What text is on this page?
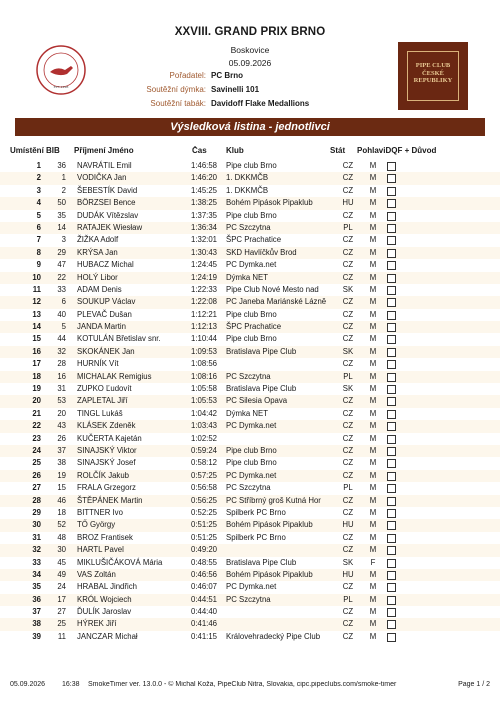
EST. 1998
PIPE CLUB
ČESKÉ
REPUBLIKY
XXVIII. GRAND PRIX BRNO
Boskovice
05.09.2026
Pořadatel: PC Brno
Soutěžní dýmka: Savinelli 101
Soutěžní tabák: Davidoff Flake Medallions
Výsledková listina - jednotlivci
Umístění BIB	Příjmení Jméno	Čas	Klub	Stát	PohlaviDQF + Důvod
1	36 NAVRÁTIL Emil	1:46:58 Pipe club Brno	CZ	M
2	1 VODIČKA Jan	1:46:20 1. DKKMČB	CZ	M
3	2 ŠEBESTÍK David	1:45:25 1. DKKMČB	CZ	M
4	50 BÖRZSEI Bence	1:38:25 Bohém Pipások Pipaklub	HU	M
5	35 DUDÁK Vítězslav	1:37:35 Pipe club Brno	CZ	M
6	14 RATAJEK Wiesław	1:36:34 PC Szczytna	PL	M
7	3 ŽIŽKA Adolf	1:32:01 ŠPC Prachatice	CZ	M
8	29 KRÝSA Jan	1:30:43 SKD Havlíčkův Brod	CZ	M
9	47 HUBACZ Michal	1:24:45 PC Dymka.net	CZ	M
10	22 HOLÝ Libor	1:24:19 Dýmka NET	CZ	M
11	33 ADAM Denis	1:22:33 Pipe Club Nové Mesto nad	SK	M
12	6 SOUKUP Václav	1:22:08 PC Janeba Mariánské Lázně	CZ	M
13	40 PLEVAČ Dušan	1:12:21 Pipe club Brno	CZ	M
14	5 JANDA Martin	1:12:13 ŠPC Prachatice	CZ	M
15	44 KOTULÁN Břetislav snr.	1:10:44 Pipe club Brno	CZ	M
16	32 SKOKÁNEK Jan	1:09:53 Bratislava Pipe Club	SK	M
17	28 HURNÍK Vít	1:08:56	CZ	M
18	16 MICHALAK Remigius	1:08:16 PC Szczytna	PL	M
19	31 ZUPKO Ľudovít	1:05:58 Bratislava Pipe Club	SK	M
20	53 ZAPLETAL Jiří	1:05:53 PC Silesia Opava	CZ	M
21	20 TINGL Lukáš	1:04:42 Dýmka NET	CZ	M
22	43 KLÁSEK Zdeněk	1:03:43 PC Dymka.net	CZ	M
23	26 KUČERTA Kajetán	1:02:52	CZ	M
24	37 SINAJSKÝ Viktor	0:59:24 Pipe club Brno	CZ	M
25	38 SINAJSKÝ Josef	0:58:12 Pipe club Brno	CZ	M
26	19 ROLČÍK Jakub	0:57:25 PC Dymka.net	CZ	M
27	15 FRALA Grzegorz	0:56:58 PC Szczytna	PL	M
28	46 ŠTĚPÁNEK Martin	0:56:25 PC Stříbrný groš Kutná Hor	CZ	M
29	18 BITTNER Ivo	0:52:25 Spilberk PC Brno	CZ	M
30	52 TŐ György	0:51:25 Bohém Pipások Pipaklub	HU	M
31	48 BROZ Frantisek	0:51:25 Spilberk PC Brno	CZ	M
32	30 HARTL Pavel	0:49:20	CZ	M
33	45 MIKLUŠIČÁKOVÁ Mária	0:48:55 Bratislava Pipe Club	SK	F
34	49 VAS Zoltán	0:46:56 Bohém Pipások Pipaklub	HU	M
35	24 HRABAL Jindřich	0:46:07 PC Dymka.net	CZ	M
36	17 KRÓL Wojciech	0:44:51 PC Szczytna	PL	M
37	27 ĎULÍK Jaroslav	0:44:40	CZ	M
38	25 HÝREK Jiří	0:41:46	CZ	M
39	11 JANCZAR Michał	0:41:15 Královehradecký Pipe Club	CZ	M
05.09.2026 16:38 SmokeTimer ver. 13.0.0 - © Michal Koža, PipeClub Nitra, Slovakia, cipc.pipeclubs.com/smoke-timer	Page 1 / 2
